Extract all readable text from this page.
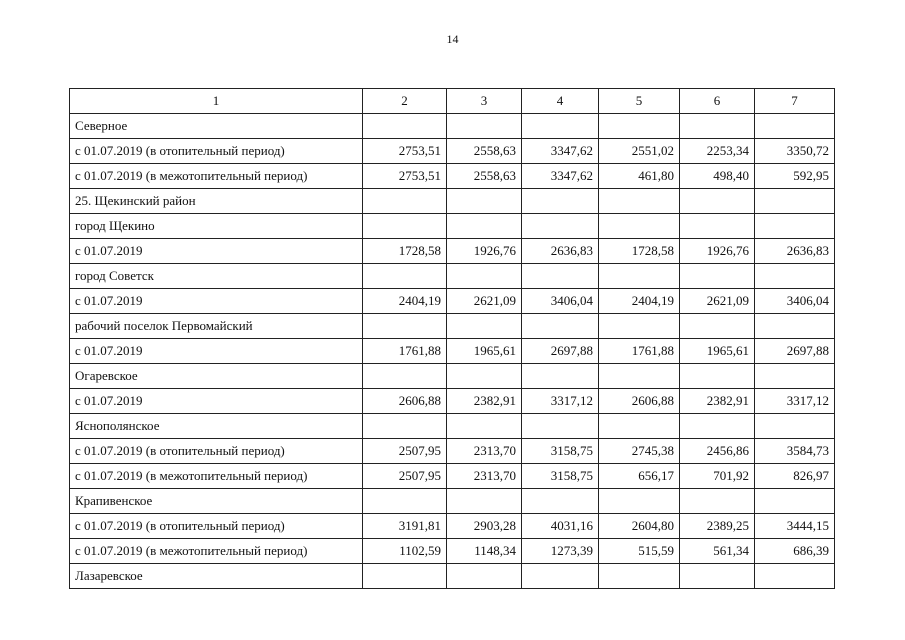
14
1	2	3	4	5	6	7
Северное						
с 01.07.2019 (в отопительный период)	2753,51	2558,63	3347,62	2551,02	2253,34	3350,72
с 01.07.2019 (в межотопительный период)	2753,51	2558,63	3347,62	461,80	498,40	592,95
25. Щекинский район						
город Щекино						
с 01.07.2019	1728,58	1926,76	2636,83	1728,58	1926,76	2636,83
город Советск						
с 01.07.2019	2404,19	2621,09	3406,04	2404,19	2621,09	3406,04
рабочий поселок Первомайский						
с 01.07.2019	1761,88	1965,61	2697,88	1761,88	1965,61	2697,88
Огаревское						
с 01.07.2019	2606,88	2382,91	3317,12	2606,88	2382,91	3317,12
Яснополянское						
с 01.07.2019 (в отопительный период)	2507,95	2313,70	3158,75	2745,38	2456,86	3584,73
с 01.07.2019 (в межотопительный период)	2507,95	2313,70	3158,75	656,17	701,92	826,97
Крапивенское						
с 01.07.2019 (в отопительный период)	3191,81	2903,28	4031,16	2604,80	2389,25	3444,15
с 01.07.2019 (в межотопительный период)	1102,59	1148,34	1273,39	515,59	561,34	686,39
Лазаревское						
